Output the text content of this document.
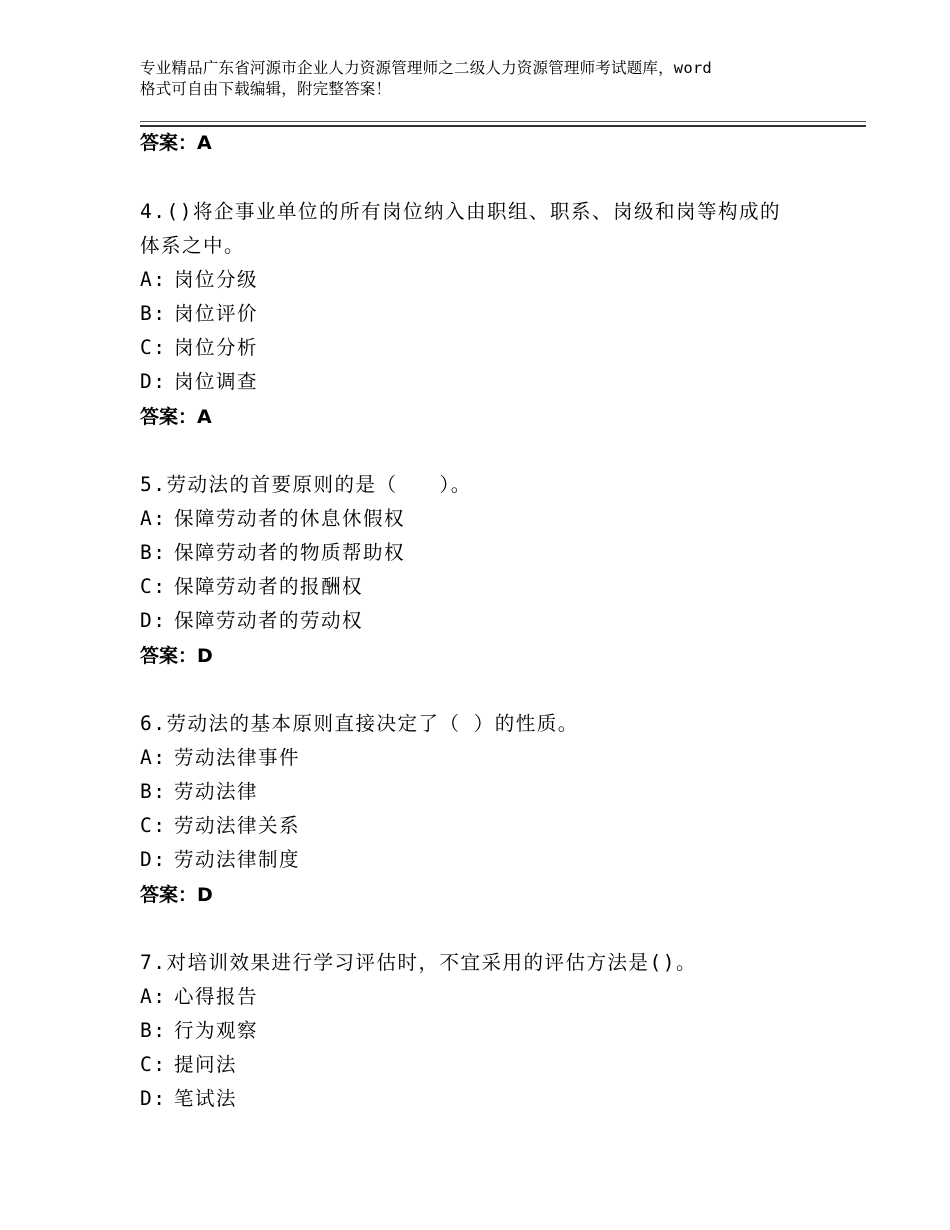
专业精品广东省河源市企业人力资源管理师之二级人力资源管理师考试题库，word
格式可自由下载编辑，附完整答案！
答案：A
4.()将企事业单位的所有岗位纳入由职组、职系、岗级和岗等构成的
体系之中。
A: 岗位分级
B: 岗位评价
C: 岗位分析
D: 岗位调查
答案：A
5.劳动法的首要原则的是（　　）。
A: 保障劳动者的休息休假权
B: 保障劳动者的物质帮助权
C: 保障劳动者的报酬权
D: 保障劳动者的劳动权
答案：D
6.劳动法的基本原则直接决定了（ ）的性质。
A: 劳动法律事件
B: 劳动法律
C: 劳动法律关系
D: 劳动法律制度
答案：D
7.对培训效果进行学习评估时，不宜采用的评估方法是()。
A: 心得报告
B: 行为观察
C: 提问法
D: 笔试法
